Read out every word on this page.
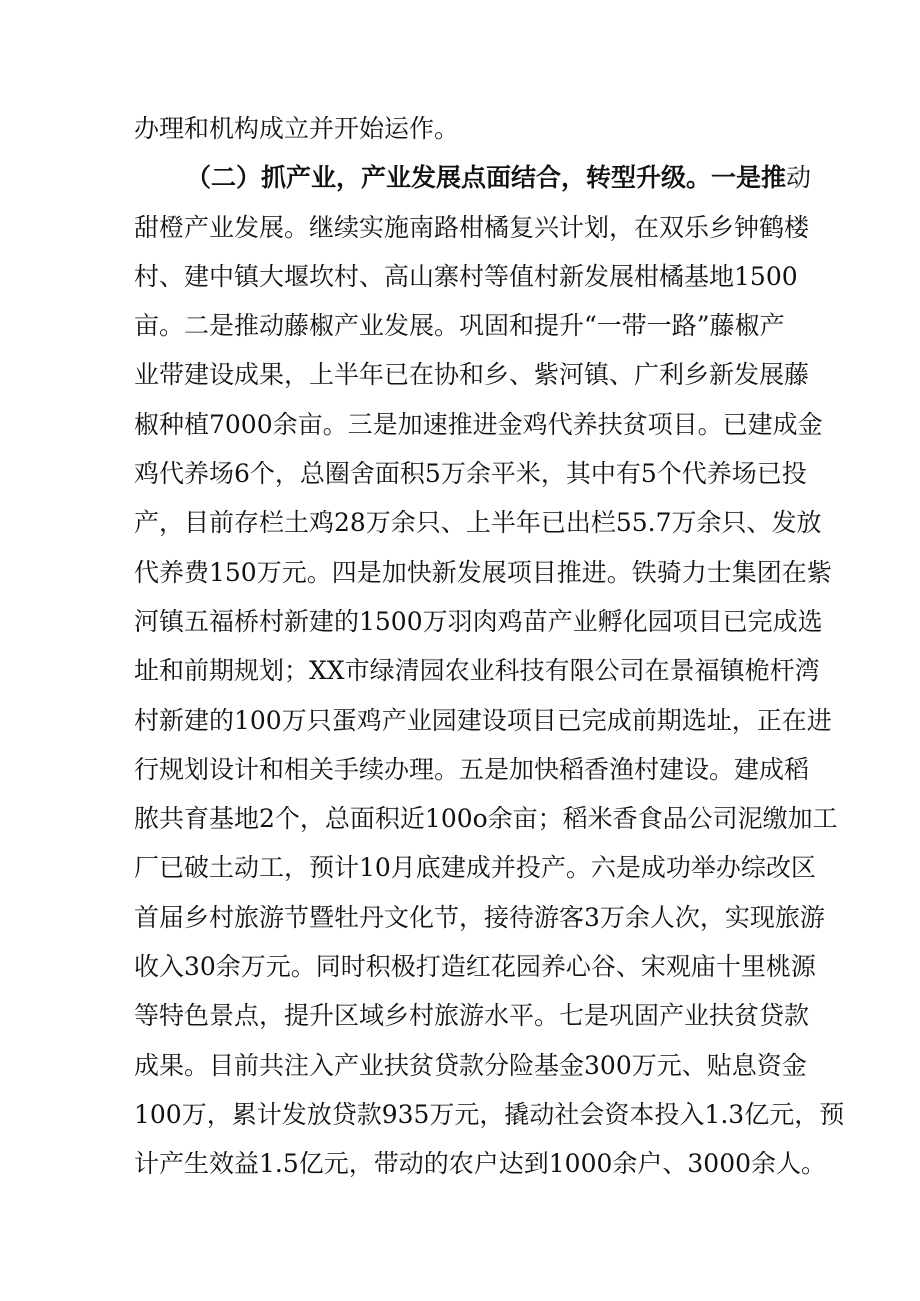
办理和机构成立并开始运作。
（二）抓产业，产业发展点面结合，转型升级。一是推动
甜橙产业发展。继续实施南路柑橘复兴计划，在双乐乡钟鹤楼
村、建中镇大堰坎村、高山寨村等值村新发展柑橘基地1500
亩。二是推动藤椒产业发展。巩固和提升“一带一路”藤椒产
业带建设成果，上半年已在协和乡、紫河镇、广利乡新发展藤
椒种植7000余亩。三是加速推进金鸡代养扶贫项目。已建成金
鸡代养场6个，总圈舍面积5万余平米，其中有5个代养场已投
产，目前存栏土鸡28万余只、上半年已出栏55.7万余只、发放
代养费150万元。四是加快新发展项目推进。铁骑力士集团在紫
河镇五福桥村新建的1500万羽肉鸡苗产业孵化园项目已完成选
址和前期规划；XX市绿清园农业科技有限公司在景福镇桅杆湾
村新建的100万只蛋鸡产业园建设项目已完成前期选址，正在进
行规划设计和相关手续办理。五是加快稻香渔村建设。建成稻
脓共育基地2个，总面积近100o余亩；稻米香食品公司泥缴加工
厂已破土动工，预计10月底建成并投产。六是成功举办综改区
首届乡村旅游节暨牡丹文化节，接待游客3万余人次，实现旅游
收入30余万元。同时积极打造红花园养心谷、宋观庙十里桃源
等特色景点，提升区域乡村旅游水平。七是巩固产业扶贫贷款
成果。目前共注入产业扶贫贷款分险基金300万元、贴息资金
100万，累计发放贷款935万元，撬动社会资本投入1.3亿元，预
计产生效益1.5亿元，带动的农户达到1000余户、3000余人。
